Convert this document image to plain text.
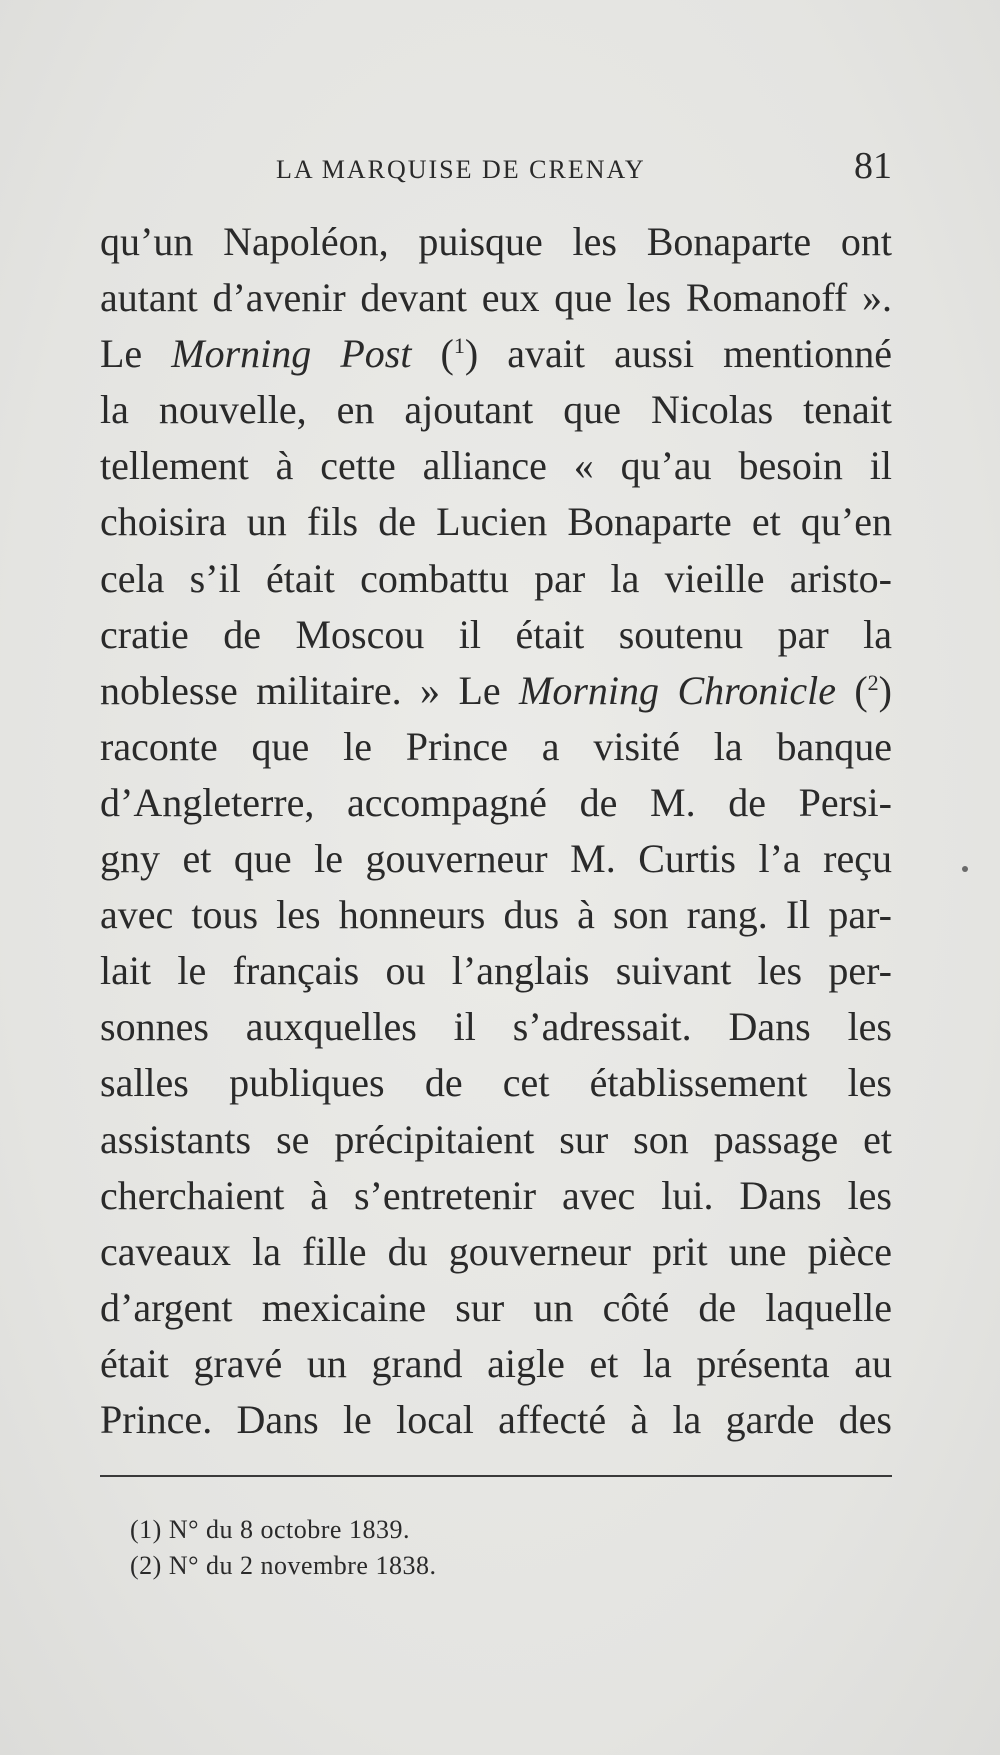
LA MARQUISE DE CRENAY	81
qu’un Napoléon, puisque les Bonaparte ont
autant d’avenir devant eux que les Romanoff ».
Le Morning Post ($^1$) avait aussi mentionné
la nouvelle, en ajoutant que Nicolas tenait
tellement à cette alliance « qu’au besoin il
choisira un fils de Lucien Bonaparte et qu’en
cela s’il était combattu par la vieille aristo-
cratie de Moscou il était soutenu par la
noblesse militaire. » Le Morning Chronicle ($^2$)
raconte que le Prince a visité la banque
d’Angleterre, accompagné de M. de Persi-
gny et que le gouverneur M. Curtis l’a reçu
avec tous les honneurs dus à son rang. Il par-
lait le français ou l’anglais suivant les per-
sonnes auxquelles il s’adressait. Dans les
salles publiques de cet établissement les
assistants se précipitaient sur son passage et
cherchaient à s’entretenir avec lui. Dans les
caveaux la fille du gouverneur prit une pièce
d’argent mexicaine sur un côté de laquelle
était gravé un grand aigle et la présenta au
Prince. Dans le local affecté à la garde des
(1) N° du 8 octobre 1839.
(2) N° du 2 novembre 1838.
